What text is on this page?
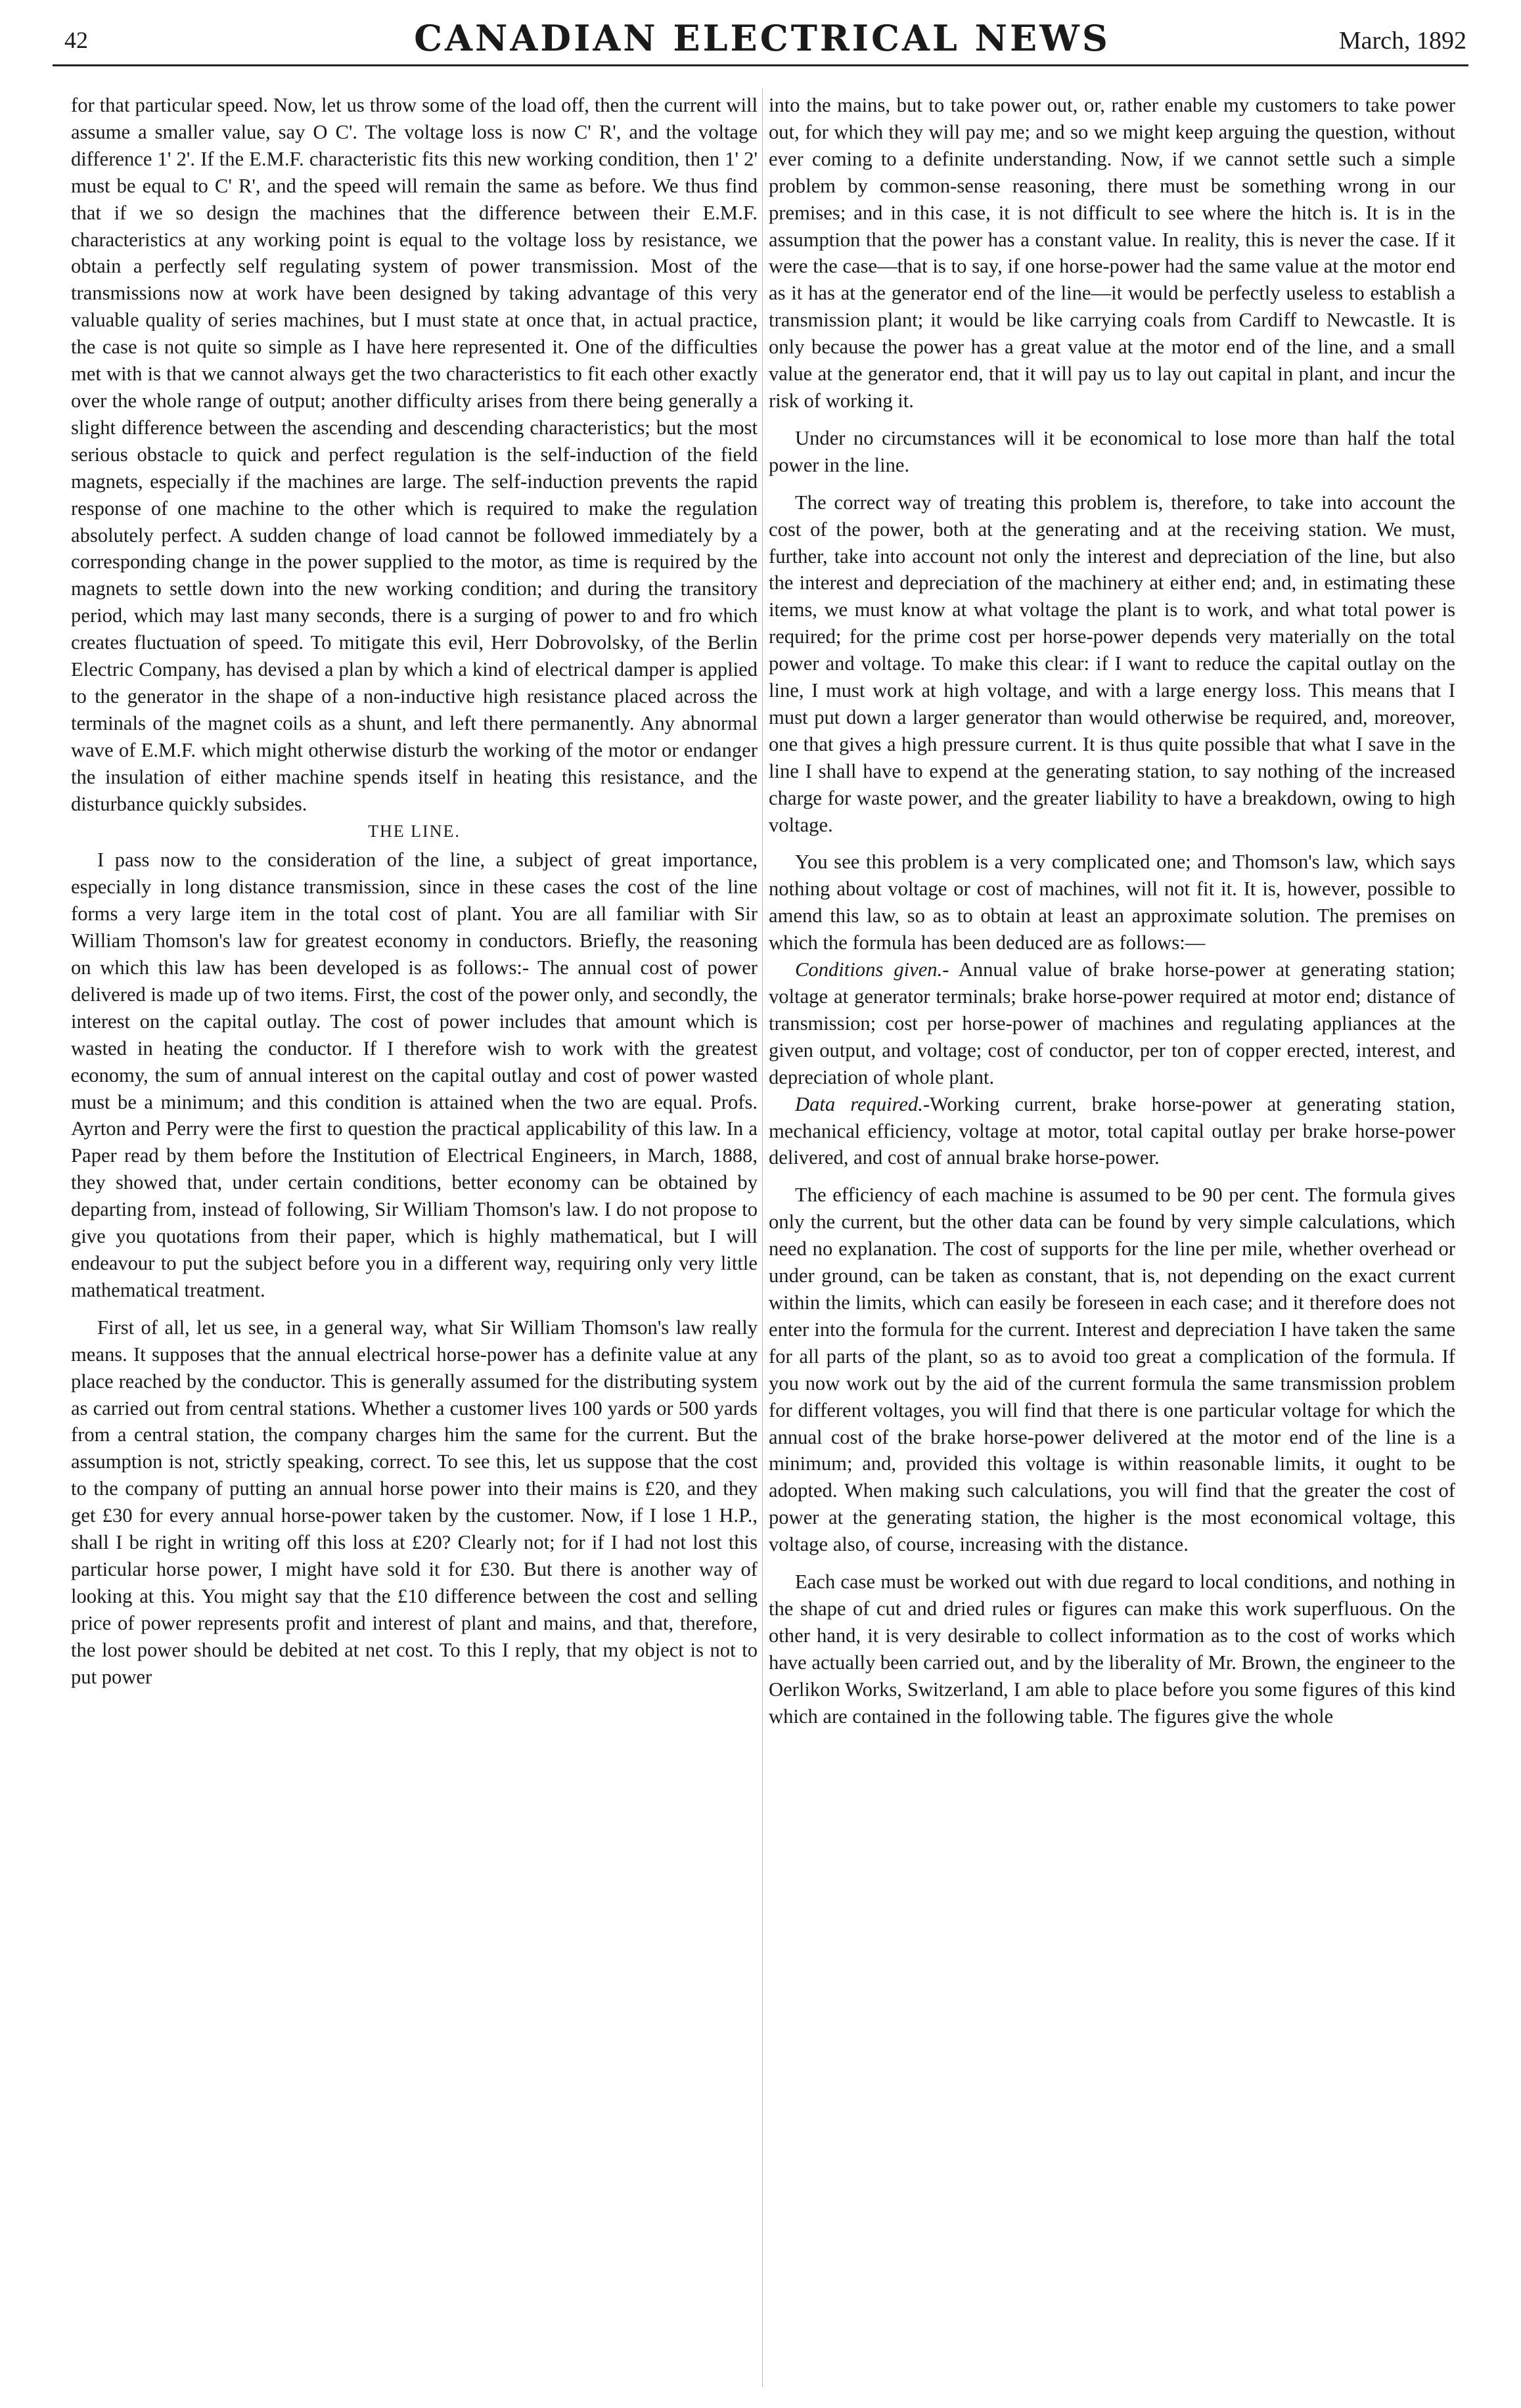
42	CANADIAN ELECTRICAL NEWS	March, 1892

for that particular speed. Now, let us throw some of the load off, then the current will assume a smaller value, say O C'. The voltage loss is now C' R', and the voltage difference 1' 2'. If the E.M.F. characteristic fits this new working condition, then 1' 2' must be equal to C' R', and the speed will remain the same as before. We thus find that if we so design the machines that the difference between their E.M.F. characteristics at any working point is equal to the voltage loss by resistance, we obtain a perfectly self regulating system of power transmission. Most of the transmissions now at work have been designed by taking advantage of this very valuable quality of series machines, but I must state at once that, in actual practice, the case is not quite so simple as I have here represented it. One of the difficulties met with is that we cannot always get the two characteristics to fit each other exactly over the whole range of output; another difficulty arises from there being generally a slight difference between the ascending and descending characteristics; but the most serious obstacle to quick and perfect regulation is the self-induction of the field magnets, especially if the machines are large. The self-induction prevents the rapid response of one machine to the other which is required to make the regulation absolutely perfect. A sudden change of load cannot be followed immediately by a corresponding change in the power supplied to the motor, as time is required by the magnets to settle down into the new working condition; and during the transitory period, which may last many seconds, there is a surging of power to and fro which creates fluctuation of speed. To mitigate this evil, Herr Dobrovolsky, of the Berlin Electric Company, has devised a plan by which a kind of electrical damper is applied to the generator in the shape of a non-inductive high resistance placed across the terminals of the magnet coils as a shunt, and left there permanently. Any abnormal wave of E.M.F. which might otherwise disturb the working of the motor or endanger the insulation of either machine spends itself in heating this resistance, and the disturbance quickly subsides.

THE LINE.

I pass now to the consideration of the line, a subject of great importance, especially in long distance transmission, since in these cases the cost of the line forms a very large item in the total cost of plant. You are all familiar with Sir William Thomson's law for greatest economy in conductors. Briefly, the reasoning on which this law has been developed is as follows:- The annual cost of power delivered is made up of two items. First, the cost of the power only, and secondly, the interest on the capital outlay. The cost of power includes that amount which is wasted in heating the conductor. If I therefore wish to work with the greatest economy, the sum of annual interest on the capital outlay and cost of power wasted must be a minimum; and this condition is attained when the two are equal. Profs. Ayrton and Perry were the first to question the practical applicability of this law. In a Paper read by them before the Institution of Electrical Engineers, in March, 1888, they showed that, under certain conditions, better economy can be obtained by departing from, instead of following, Sir William Thomson's law. I do not propose to give you quotations from their paper, which is highly mathematical, but I will endeavour to put the subject before you in a different way, requiring only very little mathematical treatment.

First of all, let us see, in a general way, what Sir William Thomson's law really means. It supposes that the annual electrical horse-power has a definite value at any place reached by the conductor. This is generally assumed for the distributing system as carried out from central stations. Whether a customer lives 100 yards or 500 yards from a central station, the company charges him the same for the current. But the assumption is not, strictly speaking, correct. To see this, let us suppose that the cost to the company of putting an annual horse power into their mains is £20, and they get £30 for every annual horse-power taken by the customer. Now, if I lose 1 H.P., shall I be right in writing off this loss at £20? Clearly not; for if I had not lost this particular horse power, I might have sold it for £30. But there is another way of looking at this. You might say that the £10 difference between the cost and selling price of power represents profit and interest of plant and mains, and that, therefore, the lost power should be debited at net cost. To this I reply, that my object is not to put power

into the mains, but to take power out, or, rather enable my customers to take power out, for which they will pay me; and so we might keep arguing the question, without ever coming to a definite understanding. Now, if we cannot settle such a simple problem by common-sense reasoning, there must be something wrong in our premises; and in this case, it is not difficult to see where the hitch is. It is in the assumption that the power has a constant value. In reality, this is never the case. If it were the case—that is to say, if one horse-power had the same value at the motor end as it has at the generator end of the line—it would be perfectly useless to establish a transmission plant; it would be like carrying coals from Cardiff to Newcastle. It is only because the power has a great value at the motor end of the line, and a small value at the generator end, that it will pay us to lay out capital in plant, and incur the risk of working it.

Under no circumstances will it be economical to lose more than half the total power in the line.

The correct way of treating this problem is, therefore, to take into account the cost of the power, both at the generating and at the receiving station. We must, further, take into account not only the interest and depreciation of the line, but also the interest and depreciation of the machinery at either end; and, in estimating these items, we must know at what voltage the plant is to work, and what total power is required; for the prime cost per horse-power depends very materially on the total power and voltage. To make this clear: if I want to reduce the capital outlay on the line, I must work at high voltage, and with a large energy loss. This means that I must put down a larger generator than would otherwise be required, and, moreover, one that gives a high pressure current. It is thus quite possible that what I save in the line I shall have to expend at the generating station, to say nothing of the increased charge for waste power, and the greater liability to have a breakdown, owing to high voltage.

You see this problem is a very complicated one; and Thomson's law, which says nothing about voltage or cost of machines, will not fit it. It is, however, possible to amend this law, so as to obtain at least an approximate solution. The premises on which the formula has been deduced are as follows:—

Conditions given.- Annual value of brake horse-power at generating station; voltage at generator terminals; brake horse-power required at motor end; distance of transmission; cost per horse-power of machines and regulating appliances at the given output, and voltage; cost of conductor, per ton of copper erected, interest, and depreciation of whole plant.

Data required.-Working current, brake horse-power at generating station, mechanical efficiency, voltage at motor, total capital outlay per brake horse-power delivered, and cost of annual brake horse-power.

The efficiency of each machine is assumed to be 90 per cent. The formula gives only the current, but the other data can be found by very simple calculations, which need no explanation. The cost of supports for the line per mile, whether overhead or under ground, can be taken as constant, that is, not depending on the exact current within the limits, which can easily be foreseen in each case; and it therefore does not enter into the formula for the current. Interest and depreciation I have taken the same for all parts of the plant, so as to avoid too great a complication of the formula. If you now work out by the aid of the current formula the same transmission problem for different voltages, you will find that there is one particular voltage for which the annual cost of the brake horse-power delivered at the motor end of the line is a minimum; and, provided this voltage is within reasonable limits, it ought to be adopted. When making such calculations, you will find that the greater the cost of power at the generating station, the higher is the most economical voltage, this voltage also, of course, increasing with the distance.

Each case must be worked out with due regard to local conditions, and nothing in the shape of cut and dried rules or figures can make this work superfluous. On the other hand, it is very desirable to collect information as to the cost of works which have actually been carried out, and by the liberality of Mr. Brown, the engineer to the Oerlikon Works, Switzerland, I am able to place before you some figures of this kind which are contained in the following table. The figures give the whole
